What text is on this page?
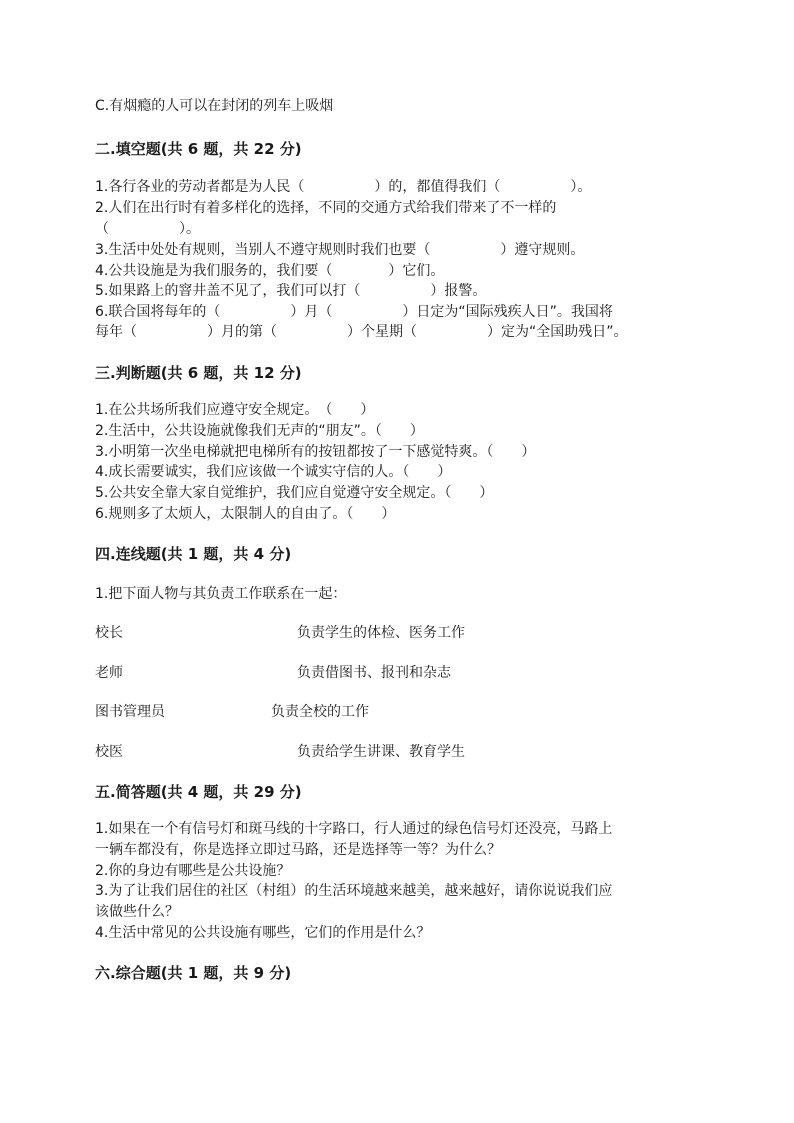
C.有烟瘾的人可以在封闭的列车上吸烟
二.填空题(共 6 题，共 22 分)
1.各行各业的劳动者都是为人民（　　　　　）的，都值得我们（　　　　　）。
2.人们在出行时有着多样化的选择，不同的交通方式给我们带来了不一样的
（　　　　　）。
3.生活中处处有规则，当别人不遵守规则时我们也要（　　　　　）遵守规则。
4.公共设施是为我们服务的，我们要（　　　　）它们。
5.如果路上的窨井盖不见了，我们可以打（　　　　　）报警。
6.联合国将每年的（　　　　　）月（　　　　　）日定为“国际残疾人日”。我国将
每年（　　　　　）月的第（　　　　　）个星期（　　　　　）定为“全国助残日”。
三.判断题(共 6 题，共 12 分)
1.在公共场所我们应遵守安全规定。　（　　）
2.生活中，公共设施就像我们无声的“朋友”。（　　）
3.小明第一次坐电梯就把电梯所有的按钮都按了一下感觉特爽。（　　）
4.成长需要诚实，我们应该做一个诚实守信的人。（　　）
5.公共安全靠大家自觉维护，我们应自觉遵守安全规定。（　　）
6.规则多了太烦人，太限制人的自由了。（　　）
四.连线题(共 1 题，共 4 分)
1.把下面人物与其负责工作联系在一起：
校长	负责学生的体检、医务工作
老师	负责借图书、报刊和杂志
图书管理员	负责全校的工作
校医	负责给学生讲课、教育学生
五.简答题(共 4 题，共 29 分)
1.如果在一个有信号灯和斑马线的十字路口，行人通过的绿色信号灯还没亮，马路上
一辆车都没有，你是选择立即过马路，还是选择等一等？为什么？
2.你的身边有哪些是公共设施？
3.为了让我们居住的社区（村组）的生活环境越来越美，越来越好，请你说说我们应
该做些什么？
4.生活中常见的公共设施有哪些，它们的作用是什么？
六.综合题(共 1 题，共 9 分)
